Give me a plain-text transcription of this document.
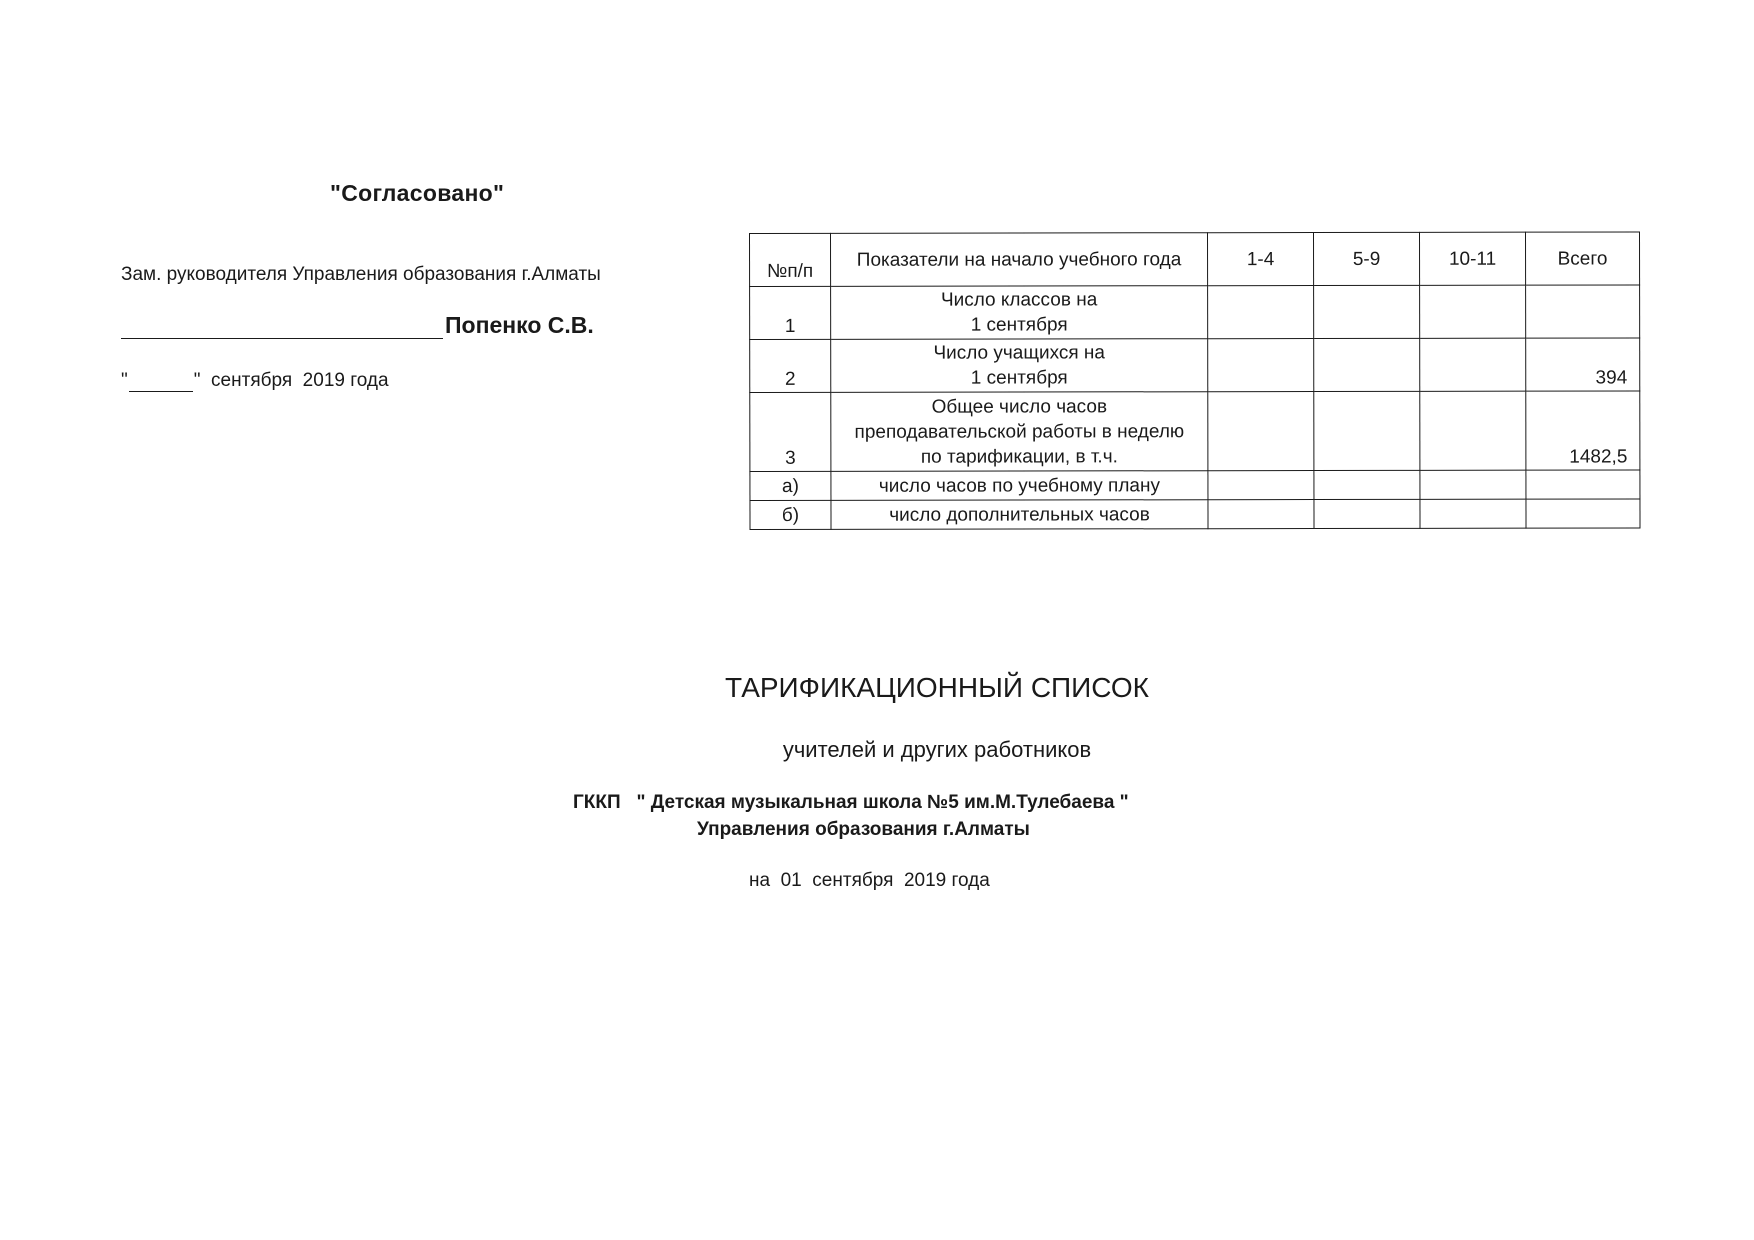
"Согласовано"
Зам. руководителя Управления образования г.Алматы
Попенко С.В.
"	"  сентября  2019 года
№п/п	Показатели на начало учебного года	1-4	5-9	10-11	Всего
1	Число классов на
1 сентября				
2	Число учащихся на
1 сентября				394
3	Общее число часов
преподавательской работы в неделю
по тарификации, в т.ч.				1482,5
а)	число часов по учебному плану				
б)	число дополнительных часов				
ТАРИФИКАЦИОННЫЙ СПИСОК
учителей и других работников
ГККП   " Детская музыкальная школа №5 им.М.Тулебаева "
Управления образования г.Алматы
на  01  сентября  2019 года
